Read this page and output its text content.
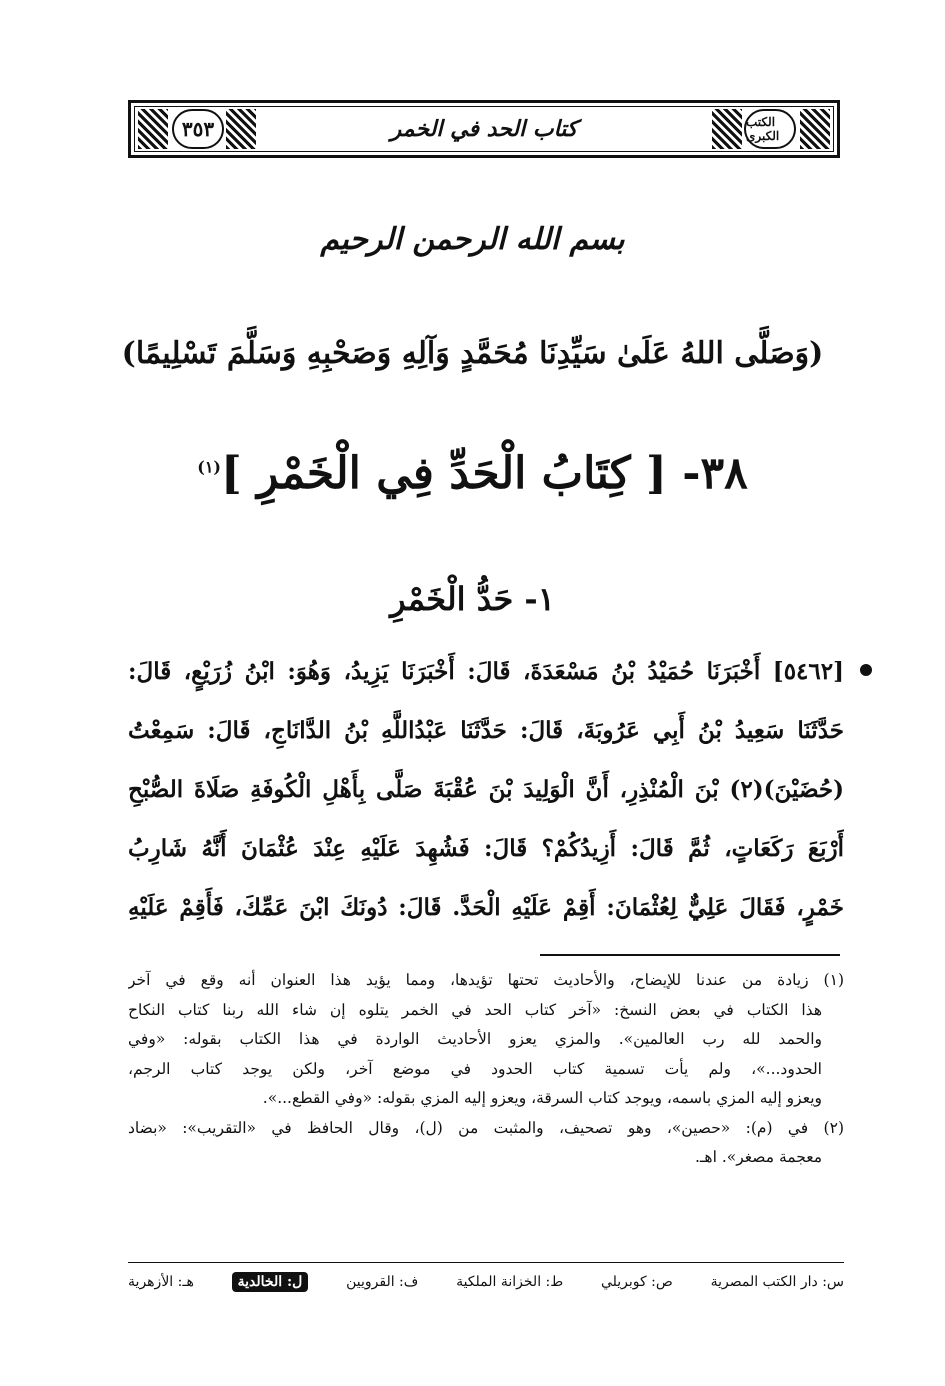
٣٥٣	كتاب الحد في الخمر	الكتب الكبرى
بسم الله الرحمن الرحيم
(وَصَلَّى اللهُ عَلَىٰ سَيِّدِنَا مُحَمَّدٍ وَآلِهِ وَصَحْبِهِ وَسَلَّمَ تَسْلِيمًا)
٣٨- [ كِتَابُ الْحَدِّ فِي الْخَمْرِ ]$^{(١)}$
١- حَدُّ الْخَمْرِ
[٥٤٦٢] أَخْبَرَنَا حُمَيْدُ بْنُ مَسْعَدَةَ، قَالَ: أَخْبَرَنَا يَزِيدُ، وَهُوَ: ابْنُ زُرَيْعٍ، قَالَ:
حَدَّثَنَا سَعِيدُ بْنُ أَبِي عَرُوبَةَ، قَالَ: حَدَّثَنَا عَبْدُاللَّهِ بْنُ الدَّانَاجِ، قَالَ: سَمِعْتُ
(حُضَيْنَ)(٢) بْنَ الْمُنْذِرِ، أَنَّ الْوَلِيدَ بْنَ عُقْبَةَ صَلَّى بِأَهْلِ الْكُوفَةِ صَلَاةَ الصُّبْحِ
أَرْبَعَ رَكَعَاتٍ، ثُمَّ قَالَ: أَزِيدُكُمْ؟ قَالَ: فَشُهِدَ عَلَيْهِ عِنْدَ عُثْمَانَ أَنَّهُ شَارِبُ
خَمْرٍ، فَقَالَ عَلِيٌّ لِعُثْمَانَ: أَقِمْ عَلَيْهِ الْحَدَّ. قَالَ: دُونَكَ ابْنَ عَمِّكَ، فَأَقِمْ عَلَيْهِ
(١) زيادة من عندنا للإيضاح، والأحاديث تحتها تؤيدها، ومما يؤيد هذا العنوان أنه وقع في آخر
هذا الكتاب في بعض النسخ: «آخر كتاب الحد في الخمر يتلوه إن شاء الله ربنا كتاب النكاح
والحمد لله رب العالمين». والمزي يعزو الأحاديث الواردة في هذا الكتاب بقوله: «وفي
الحدود...»، ولم يأت تسمية كتاب الحدود في موضع آخر، ولكن يوجد كتاب الرجم،
ويعزو إليه المزي باسمه، ويوجد كتاب السرقة، ويعزو إليه المزي بقوله: «وفي القطع...».
(٢) في (م): «حصين»، وهو تصحيف، والمثبت من (ل)، وقال الحافظ في «التقريب»: «بضاد
معجمة مصغر». اهـ.
س: دار الكتب المصرية
ص: كوبريلي
ط: الخزانة الملكية
ف: القرويين
ل: الخالدية
هـ: الأزهرية
